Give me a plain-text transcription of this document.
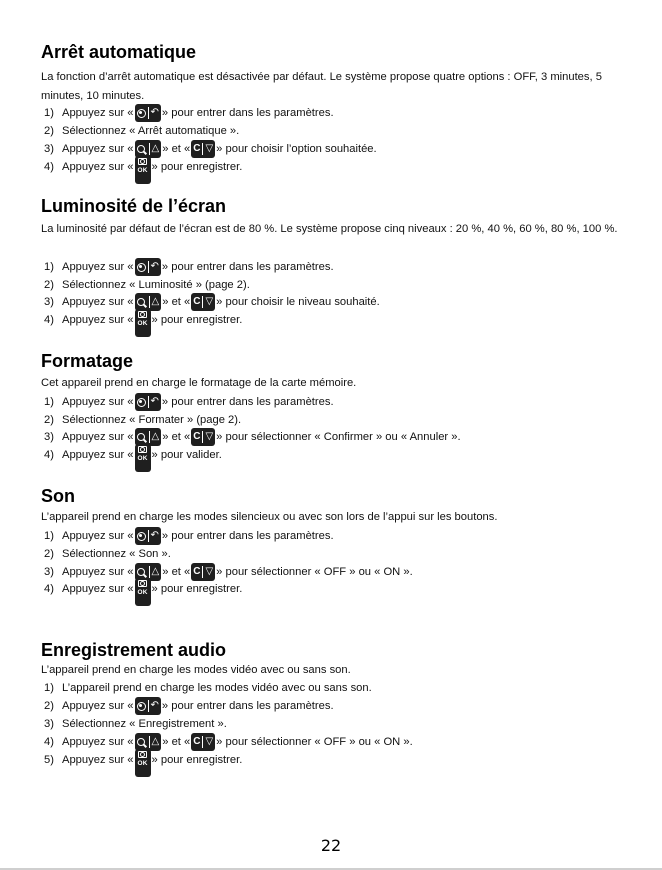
Arrêt automatique

La fonction d’arrêt automatique est désactivée par défaut. Le système propose quatre options : OFF, 3 minutes, 5 minutes, 10 minutes.

1) Appuyez sur « ↶ » pour entrer dans les paramètres.
2) Sélectionnez « Arrêt automatique ».
3) Appuyez sur « △ » et « C ▽ » pour choisir l’option souhaitée.
4) Appuyez sur « OK » pour enregistrer.
Luminosité de l’écran

La luminosité par défaut de l’écran est de 80 %. Le système propose cinq niveaux : 20 %, 40 %, 60 %, 80 %, 100 %.

1) Appuyez sur « ↶ » pour entrer dans les paramètres.
2) Sélectionnez « Luminosité » (page 2).
3) Appuyez sur « △ » et « C ▽ » pour choisir le niveau souhaité.
4) Appuyez sur « OK » pour enregistrer.
Formatage

Cet appareil prend en charge le formatage de la carte mémoire.

1) Appuyez sur « ↶ » pour entrer dans les paramètres.
2) Sélectionnez « Formater » (page 2).
3) Appuyez sur « △ » et « C ▽ » pour sélectionner « Confirmer » ou « Annuler ».
4) Appuyez sur « OK » pour valider.
Son

L’appareil prend en charge les modes silencieux ou avec son lors de l’appui sur les boutons.

1) Appuyez sur « ↶ » pour entrer dans les paramètres.
2) Sélectionnez « Son ».
3) Appuyez sur « △ » et « C ▽ » pour sélectionner « OFF » ou « ON ».
4) Appuyez sur « OK » pour enregistrer.
Enregistrement audio

L’appareil prend en charge les modes vidéo avec ou sans son.

1) L’appareil prend en charge les modes vidéo avec ou sans son.
2) Appuyez sur « ↶ » pour entrer dans les paramètres.
3) Sélectionnez « Enregistrement ».
4) Appuyez sur « △ » et « C ▽ » pour sélectionner « OFF » ou « ON ».
5) Appuyez sur « OK » pour enregistrer.
22
